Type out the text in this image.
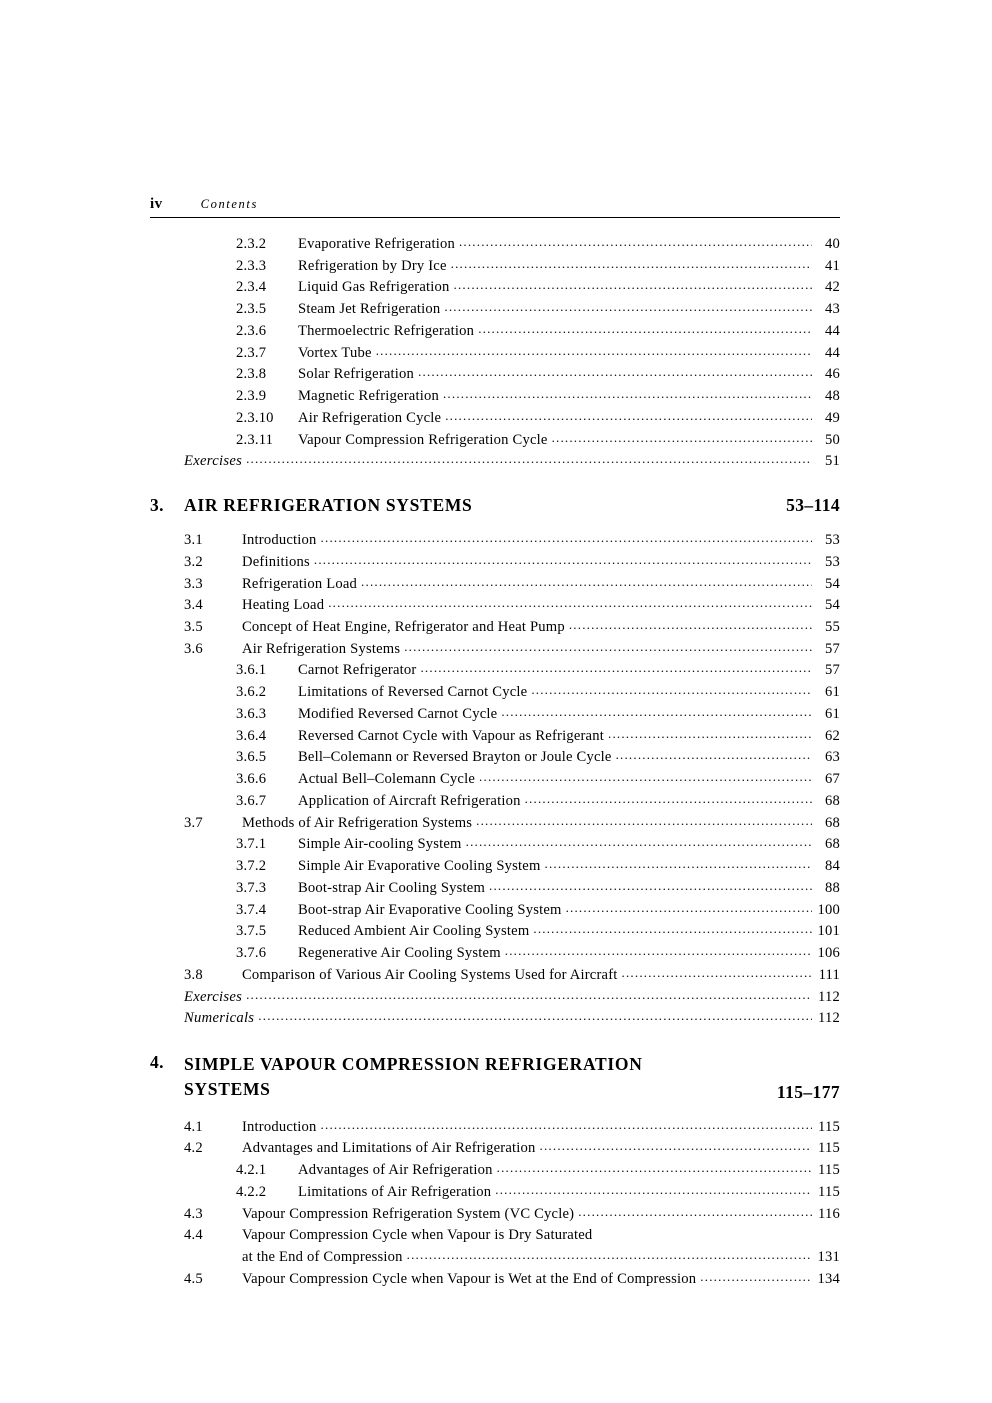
iv	Contents
2.3.2	Evaporative Refrigeration .....	40
2.3.3	Refrigeration by Dry Ice .....	41
2.3.4	Liquid Gas Refrigeration .....	42
2.3.5	Steam Jet Refrigeration .....	43
2.3.6	Thermoelectric Refrigeration .....	44
2.3.7	Vortex Tube .....	44
2.3.8	Solar Refrigeration .....	46
2.3.9	Magnetic Refrigeration .....	48
2.3.10	Air Refrigeration Cycle .....	49
2.3.11	Vapour Compression Refrigeration Cycle .....	50
Exercises .....	51
3.	AIR REFRIGERATION SYSTEMS	53–114
3.1	Introduction .....	53
3.2	Definitions .....	53
3.3	Refrigeration Load .....	54
3.4	Heating Load .....	54
3.5	Concept of Heat Engine, Refrigerator and Heat Pump .....	55
3.6	Air Refrigeration Systems .....	57
3.6.1	Carnot Refrigerator .....	57
3.6.2	Limitations of Reversed Carnot Cycle .....	61
3.6.3	Modified Reversed Carnot Cycle .....	61
3.6.4	Reversed Carnot Cycle with Vapour as Refrigerant .....	62
3.6.5	Bell–Colemann or Reversed Brayton or Joule Cycle .....	63
3.6.6	Actual Bell–Colemann Cycle .....	67
3.6.7	Application of Aircraft Refrigeration .....	68
3.7	Methods of Air Refrigeration Systems .....	68
3.7.1	Simple Air-cooling System .....	68
3.7.2	Simple Air Evaporative Cooling System .....	84
3.7.3	Boot-strap Air Cooling System .....	88
3.7.4	Boot-strap Air Evaporative Cooling System .....	100
3.7.5	Reduced Ambient Air Cooling System .....	101
3.7.6	Regenerative Air Cooling System .....	106
3.8	Comparison of Various Air Cooling Systems Used for Aircraft .....	111
Exercises .....	112
Numericals .....	112
4.	SIMPLE VAPOUR COMPRESSION REFRIGERATION
SYSTEMS	115–177
4.1	Introduction .....	115
4.2	Advantages and Limitations of Air Refrigeration .....	115
4.2.1	Advantages of Air Refrigeration .....	115
4.2.2	Limitations of Air Refrigeration .....	115
4.3	Vapour Compression Refrigeration System (VC Cycle) .....	116
4.4	Vapour Compression Cycle when Vapour is Dry Saturated
at the End of Compression .....	131
4.5	Vapour Compression Cycle when Vapour is Wet at the End of Compression .....	134
